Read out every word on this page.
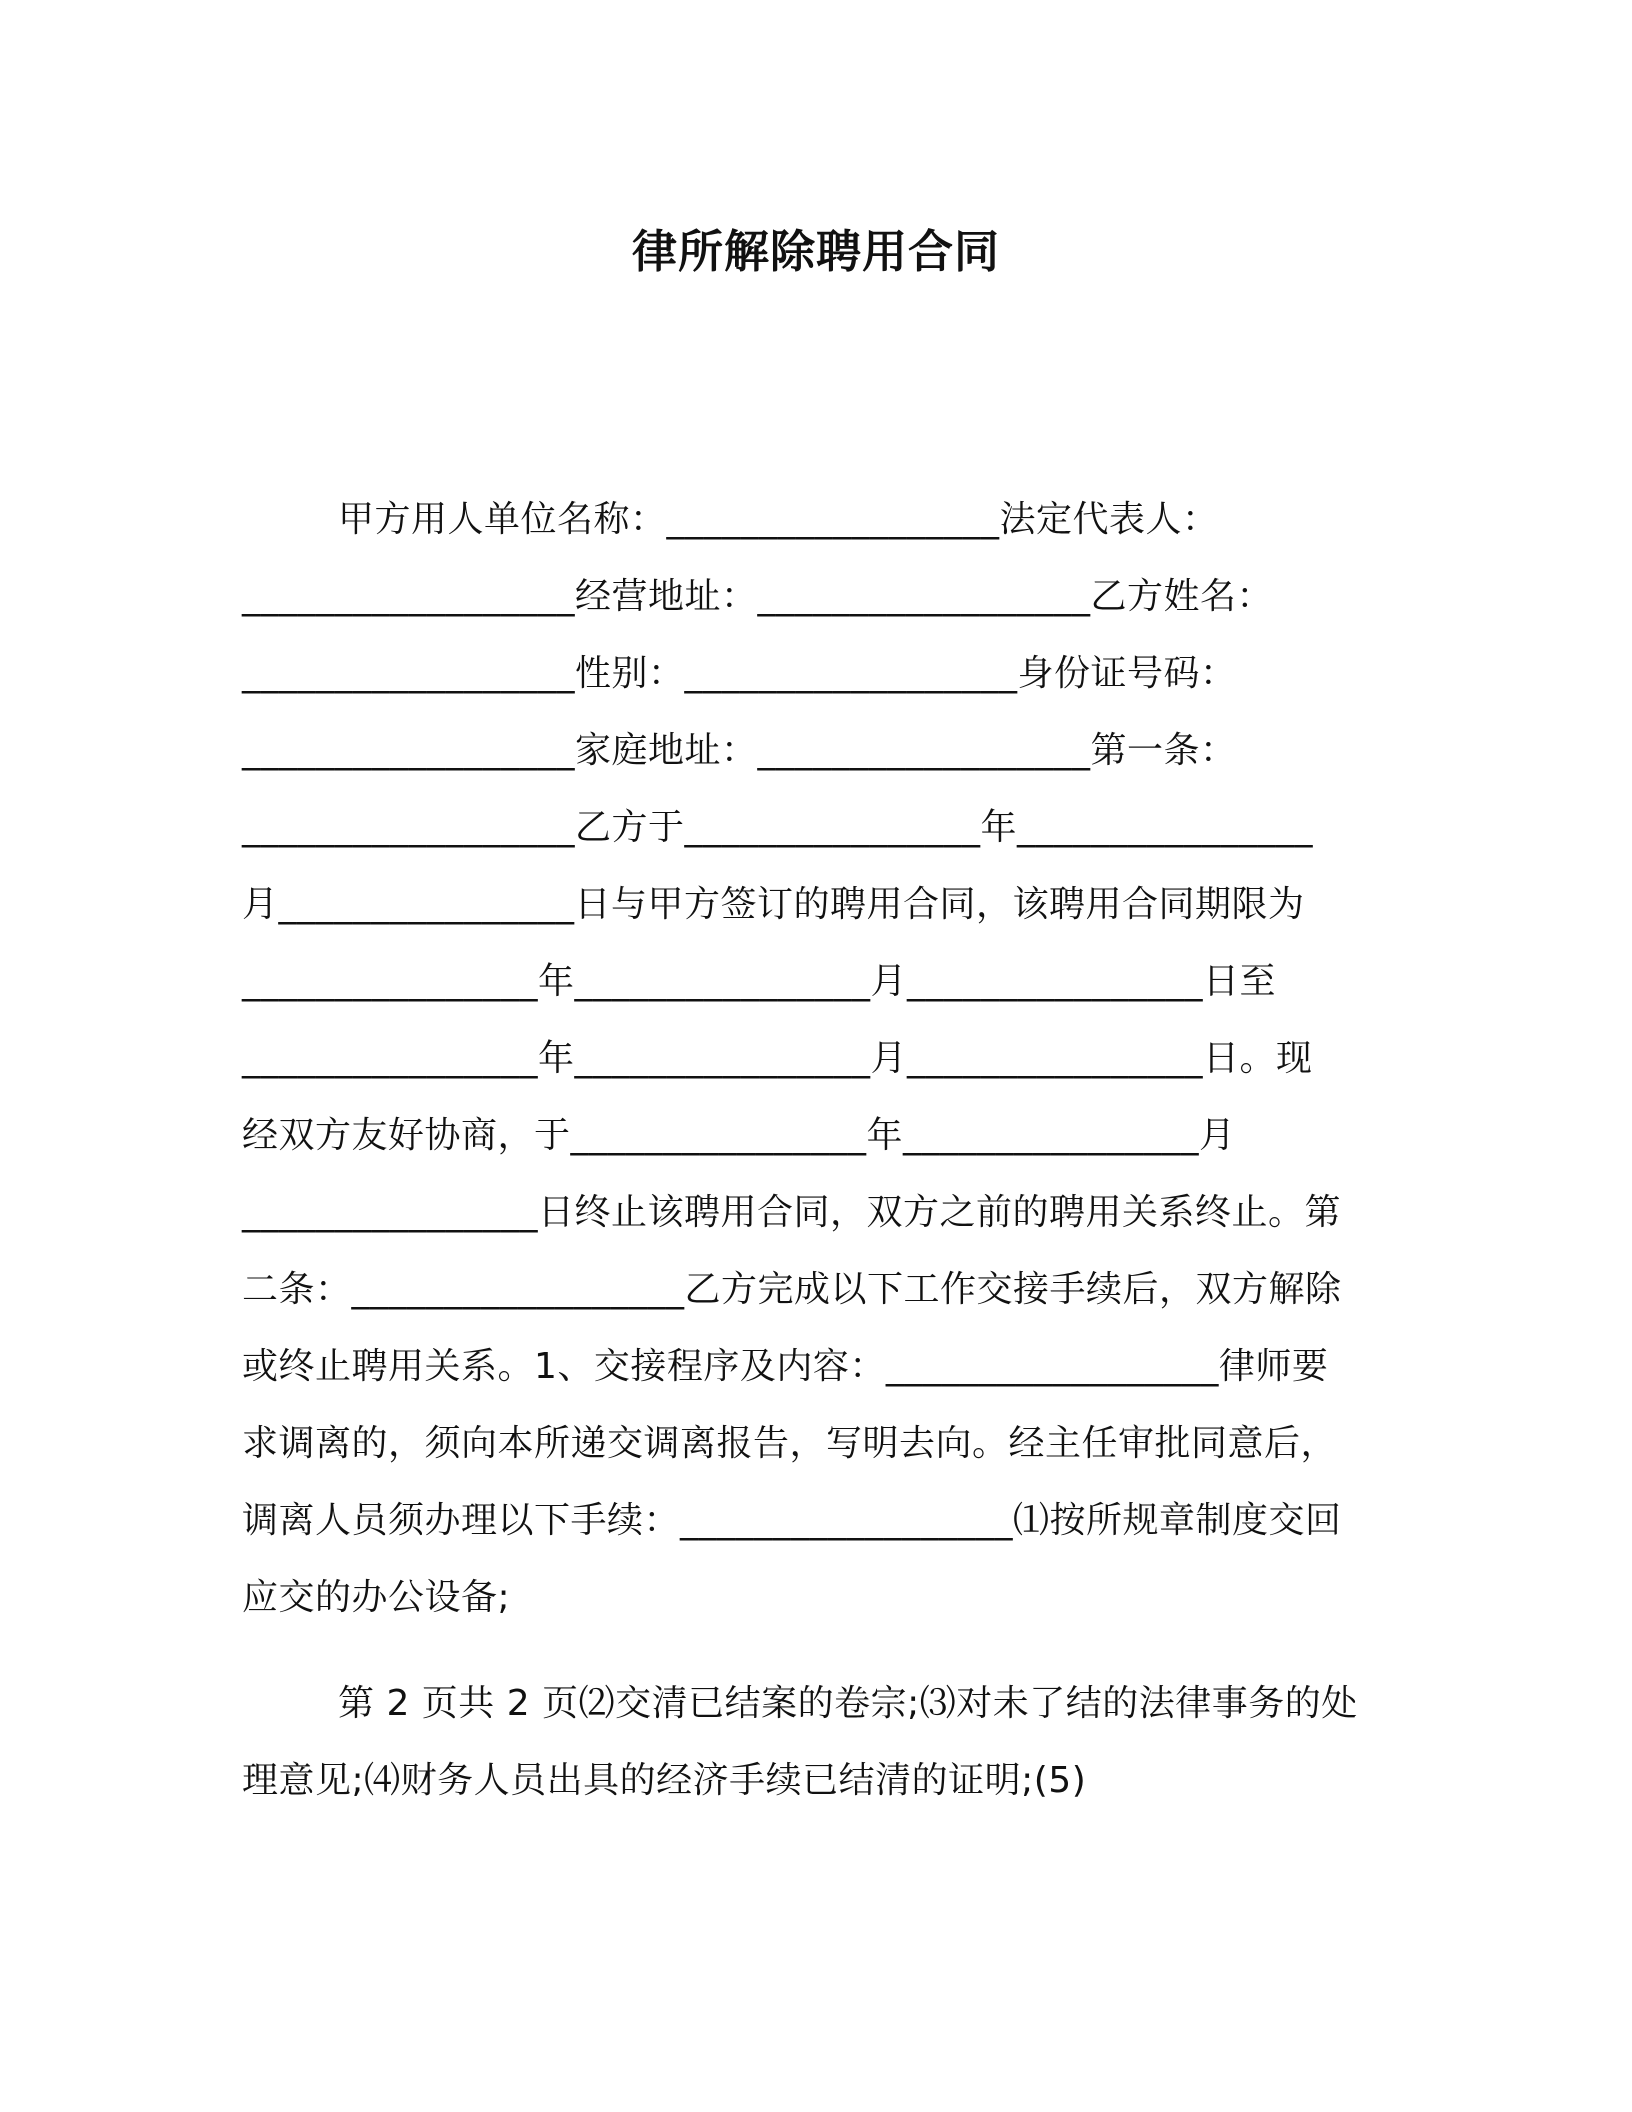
律所解除聘用合同
甲方用人单位名称：__________________法定代表人：
__________________经营地址：__________________乙方姓名：
__________________性别：__________________身份证号码：
__________________家庭地址：__________________第一条：
__________________乙方于________________年________________
月________________日与甲方签订的聘用合同，该聘用合同期限为
________________年________________月________________日至
________________年________________月________________日。现
经双方友好协商，于________________年________________月
________________日终止该聘用合同，双方之前的聘用关系终止。第
二条：__________________乙方完成以下工作交接手续后，双方解除
或终止聘用关系。1、交接程序及内容：__________________律师要
求调离的，须向本所递交调离报告，写明去向。经主任审批同意后，
调离人员须办理以下手续：__________________⑴按所规章制度交回
应交的办公设备;
第 2 页共 2 页⑵交清已结案的卷宗;⑶对未了结的法律事务的处
理意见;⑷财务人员出具的经济手续已结清的证明;(5)
